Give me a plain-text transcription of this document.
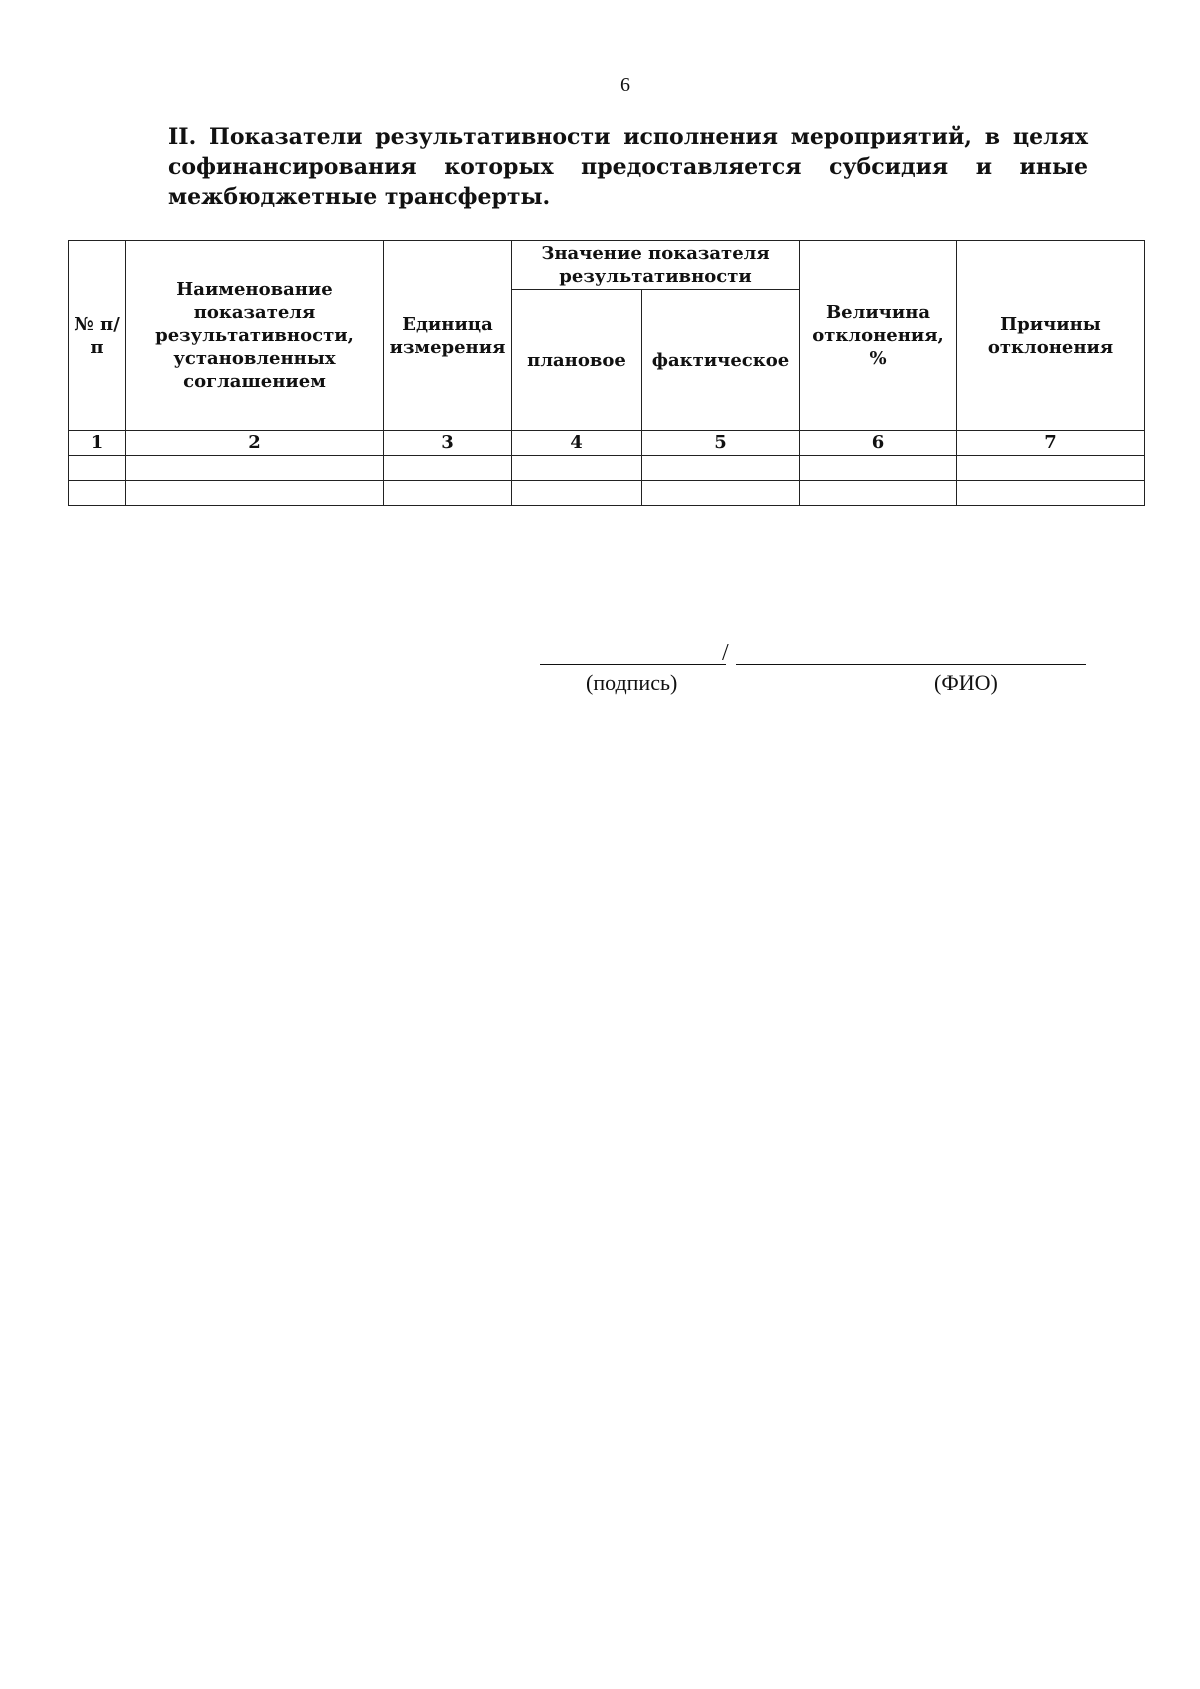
6
II. Показатели результативности исполнения мероприятий, в целях
софинансирования которых предоставляется субсидия и иные
межбюджетные трансферты.
№ п/п	Наименование показателя результативности, установленных соглашением	Единица измерения	Значение показателя результативности		Величина отклонения, %	Причины отклонения
			плановое	фактическое		
1	2	3	4	5	6	7

/
(подпись)	(ФИО)
